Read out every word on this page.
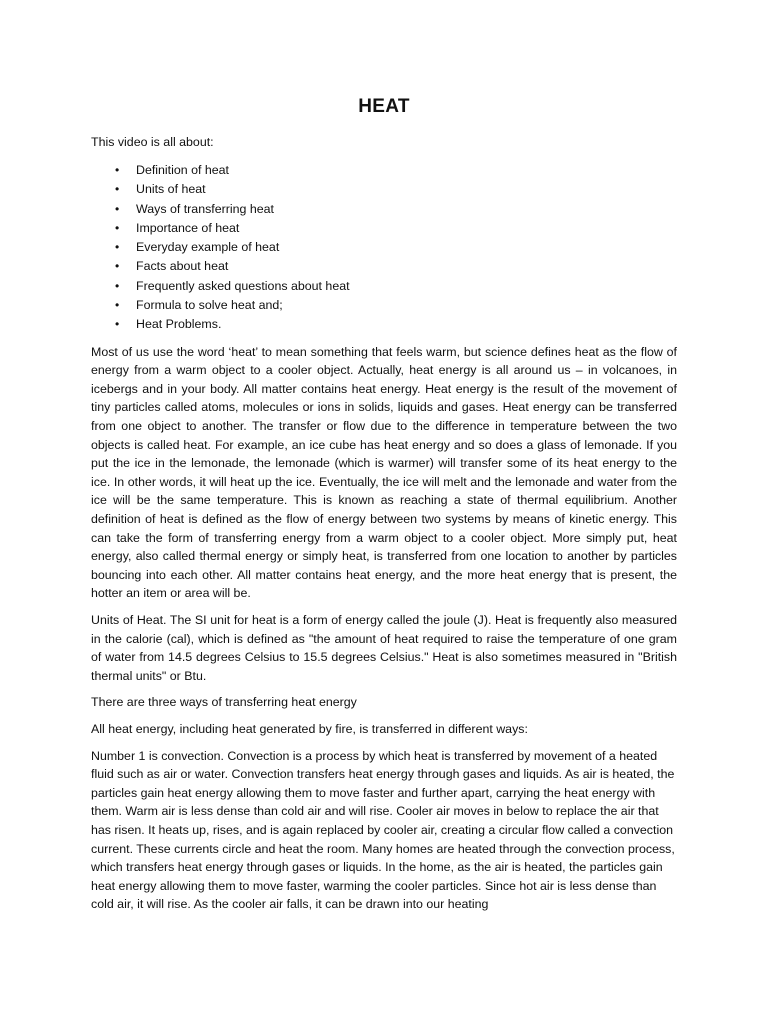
HEAT

This video is all about:

• Definition of heat
• Units of heat
• Ways of transferring heat
• Importance of heat
• Everyday example of heat
• Facts about heat
• Frequently asked questions about heat
• Formula to solve heat and;
• Heat Problems.

Most of us use the word ‘heat’ to mean something that feels warm, but science defines heat as the flow of energy from a warm object to a cooler object. Actually, heat energy is all around us – in volcanoes, in icebergs and in your body. All matter contains heat energy. Heat energy is the result of the movement of tiny particles called atoms, molecules or ions in solids, liquids and gases. Heat energy can be transferred from one object to another. The transfer or flow due to the difference in temperature between the two objects is called heat. For example, an ice cube has heat energy and so does a glass of lemonade. If you put the ice in the lemonade, the lemonade (which is warmer) will transfer some of its heat energy to the ice. In other words, it will heat up the ice. Eventually, the ice will melt and the lemonade and water from the ice will be the same temperature. This is known as reaching a state of thermal equilibrium. Another definition of heat is defined as the flow of energy between two systems by means of kinetic energy. This can take the form of transferring energy from a warm object to a cooler object. More simply put, heat energy, also called thermal energy or simply heat, is transferred from one location to another by particles bouncing into each other. All matter contains heat energy, and the more heat energy that is present, the hotter an item or area will be.

Units of Heat. The SI unit for heat is a form of energy called the joule (J). Heat is frequently also measured in the calorie (cal), which is defined as "the amount of heat required to raise the temperature of one gram of water from 14.5 degrees Celsius to 15.5 degrees Celsius." Heat is also sometimes measured in "British thermal units" or Btu.

There are three ways of transferring heat energy

All heat energy, including heat generated by fire, is transferred in different ways:

Number 1 is convection. Convection is a process by which heat is transferred by movement of a heated fluid such as air or water. Convection transfers heat energy through gases and liquids. As air is heated, the particles gain heat energy allowing them to move faster and further apart, carrying the heat energy with them. Warm air is less dense than cold air and will rise. Cooler air moves in below to replace the air that has risen. It heats up, rises, and is again replaced by cooler air, creating a circular flow called a convection current. These currents circle and heat the room. Many homes are heated through the convection process, which transfers heat energy through gases or liquids. In the home, as the air is heated, the particles gain heat energy allowing them to move faster, warming the cooler particles. Since hot air is less dense than cold air, it will rise. As the cooler air falls, it can be drawn into our heating
